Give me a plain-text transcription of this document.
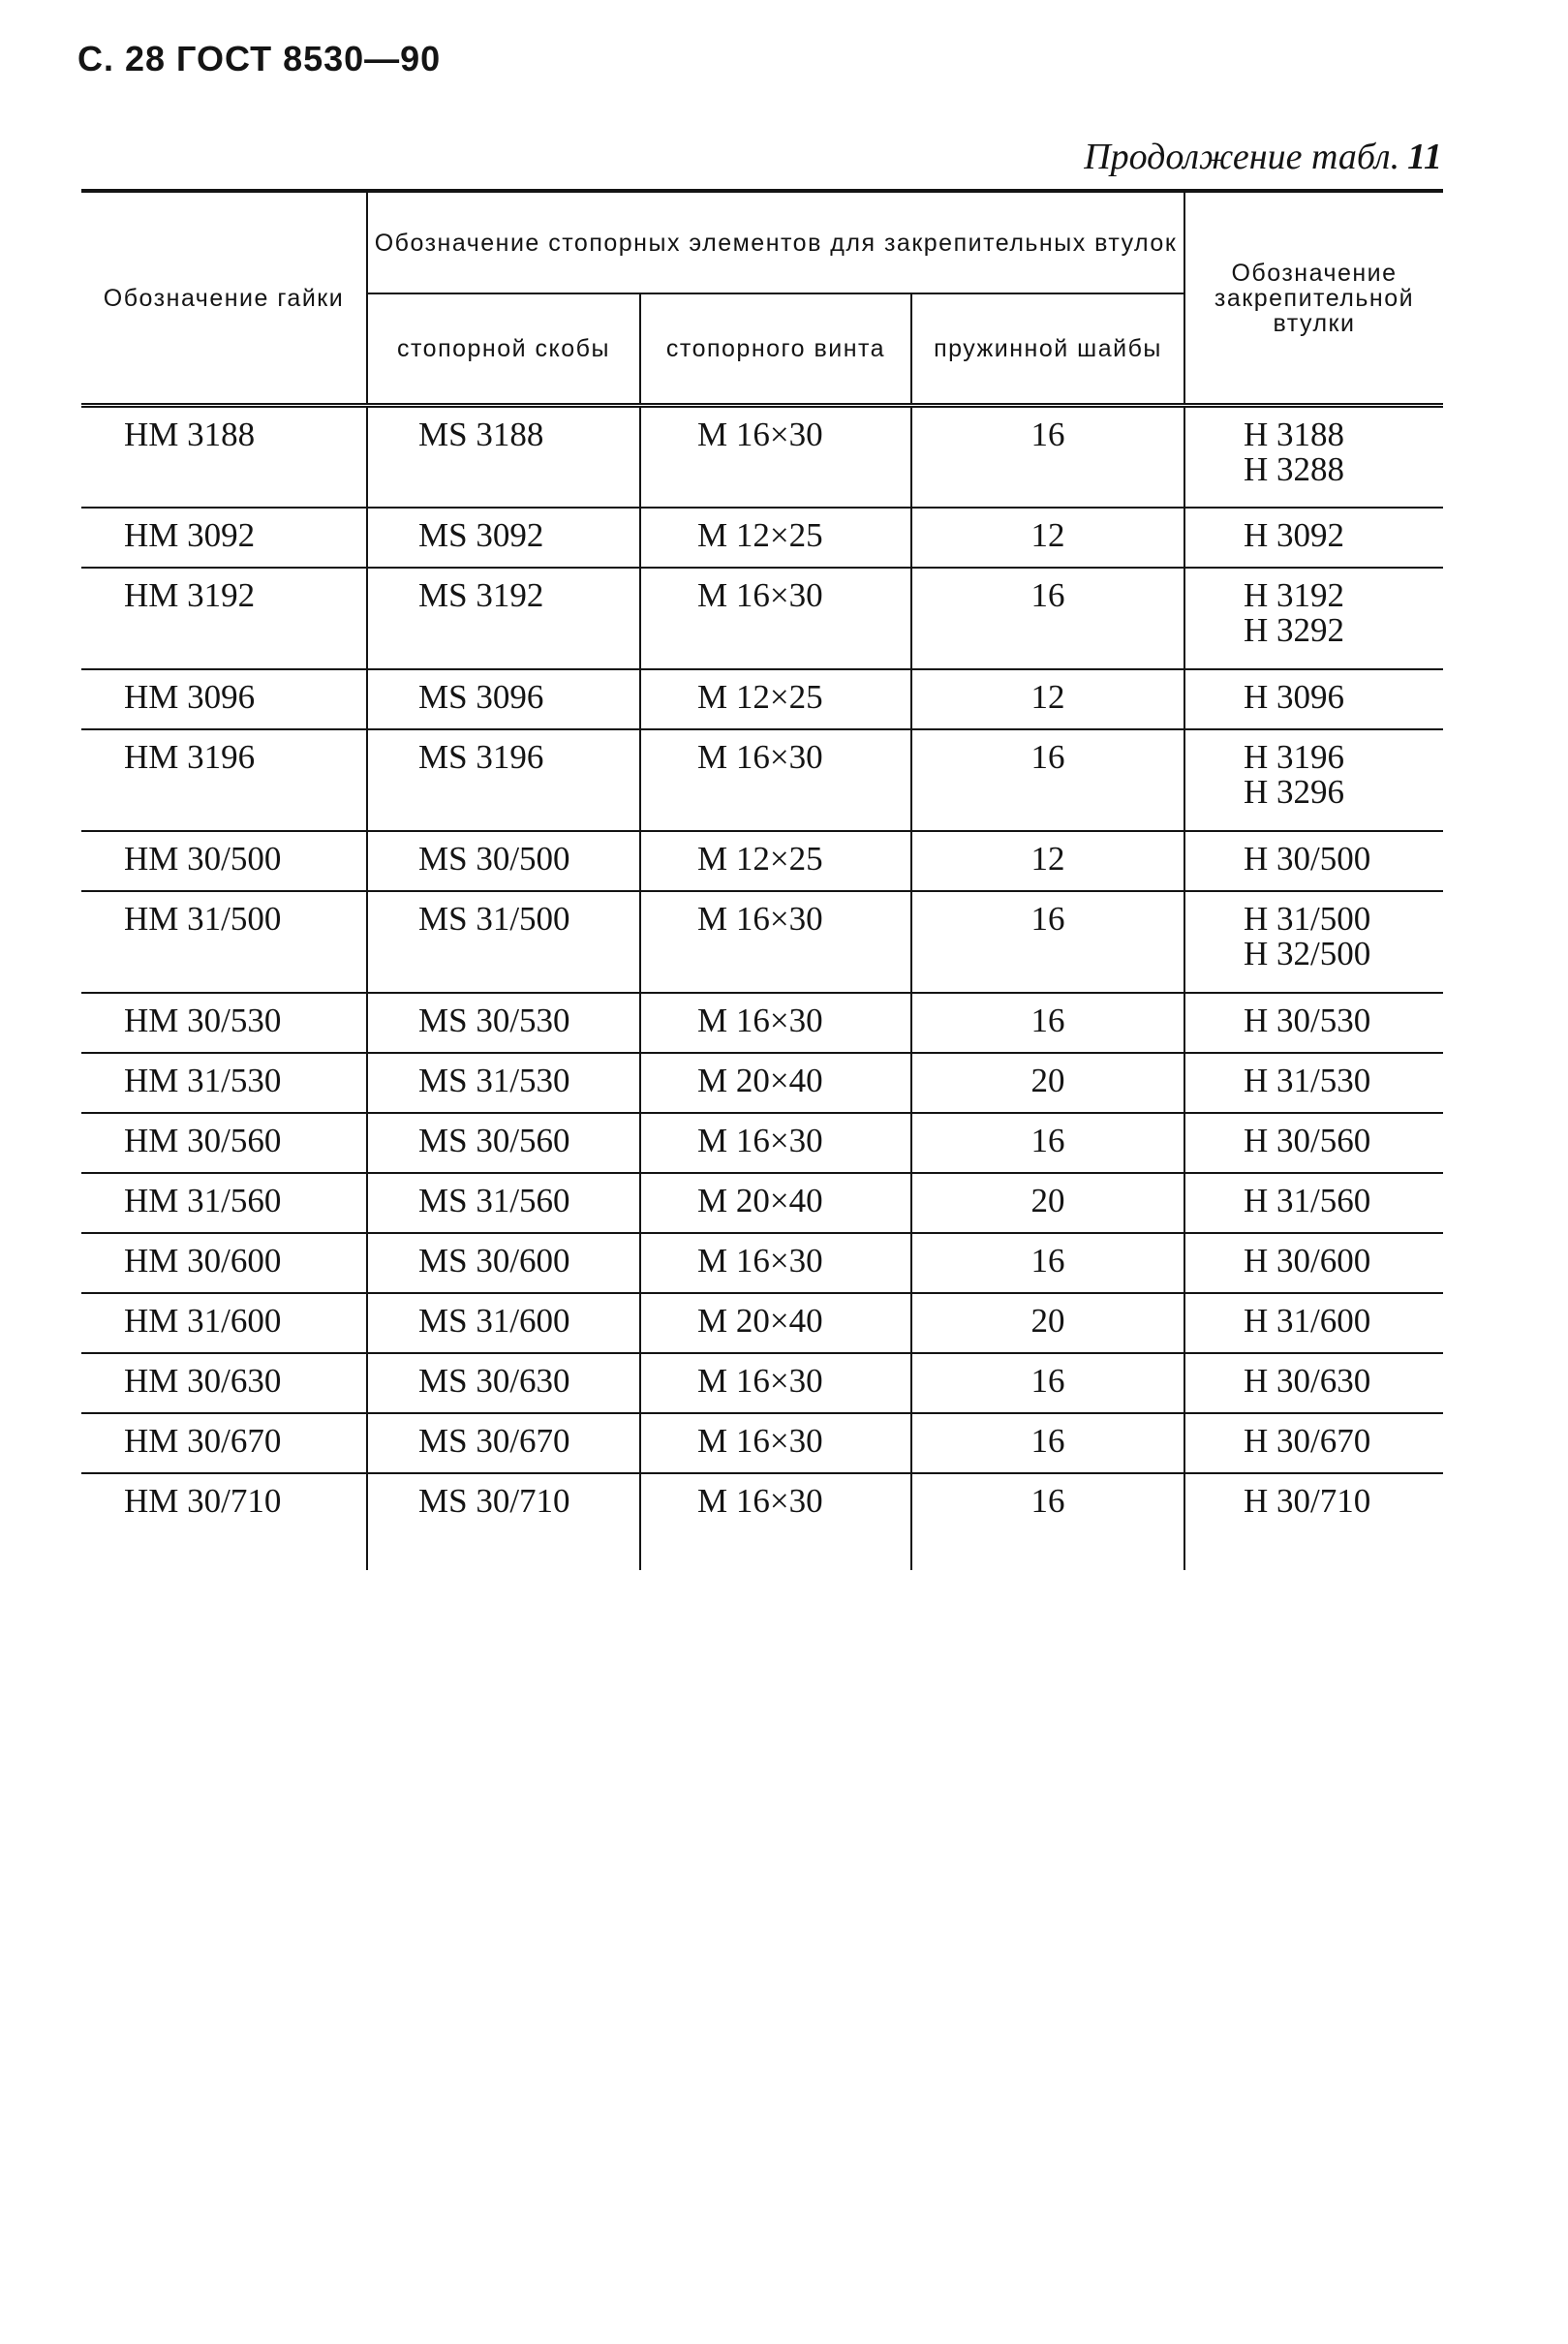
С. 28 ГОСТ 8530—90
Продолжение табл. 11
Обозначение гайки	Обозначение стопорных элементов для закрепительных втулок			Обозначение закрепительной втулки
	стопорной скобы	стопорного винта	пружинной шайбы	
НМ 3188	MS 3188	М 16×30	16	Н 3188
Н 3288

НМ 3092	MS 3092	М 12×25	12	Н 3092

НМ 3192	MS 3192	М 16×30	16	Н 3192
Н 3292

НМ 3096	MS 3096	М 12×25	12	Н 3096

НМ 3196	MS 3196	М 16×30	16	Н 3196
Н 3296

НМ 30/500	MS 30/500	М 12×25	12	Н 30/500

НМ 31/500	MS 31/500	М 16×30	16	Н 31/500
Н 32/500

НМ 30/530	MS 30/530	М 16×30	16	Н 30/530

НМ 31/530	MS 31/530	М 20×40	20	Н 31/530

НМ 30/560	MS 30/560	М 16×30	16	Н 30/560

НМ 31/560	MS 31/560	М 20×40	20	Н 31/560

НМ 30/600	MS 30/600	М 16×30	16	Н 30/600

НМ 31/600	MS 31/600	М 20×40	20	Н 31/600

НМ 30/630	MS 30/630	М 16×30	16	Н 30/630

НМ 30/670	MS 30/670	М 16×30	16	Н 30/670

НМ 30/710	MS 30/710	М 16×30	16	Н 30/710
